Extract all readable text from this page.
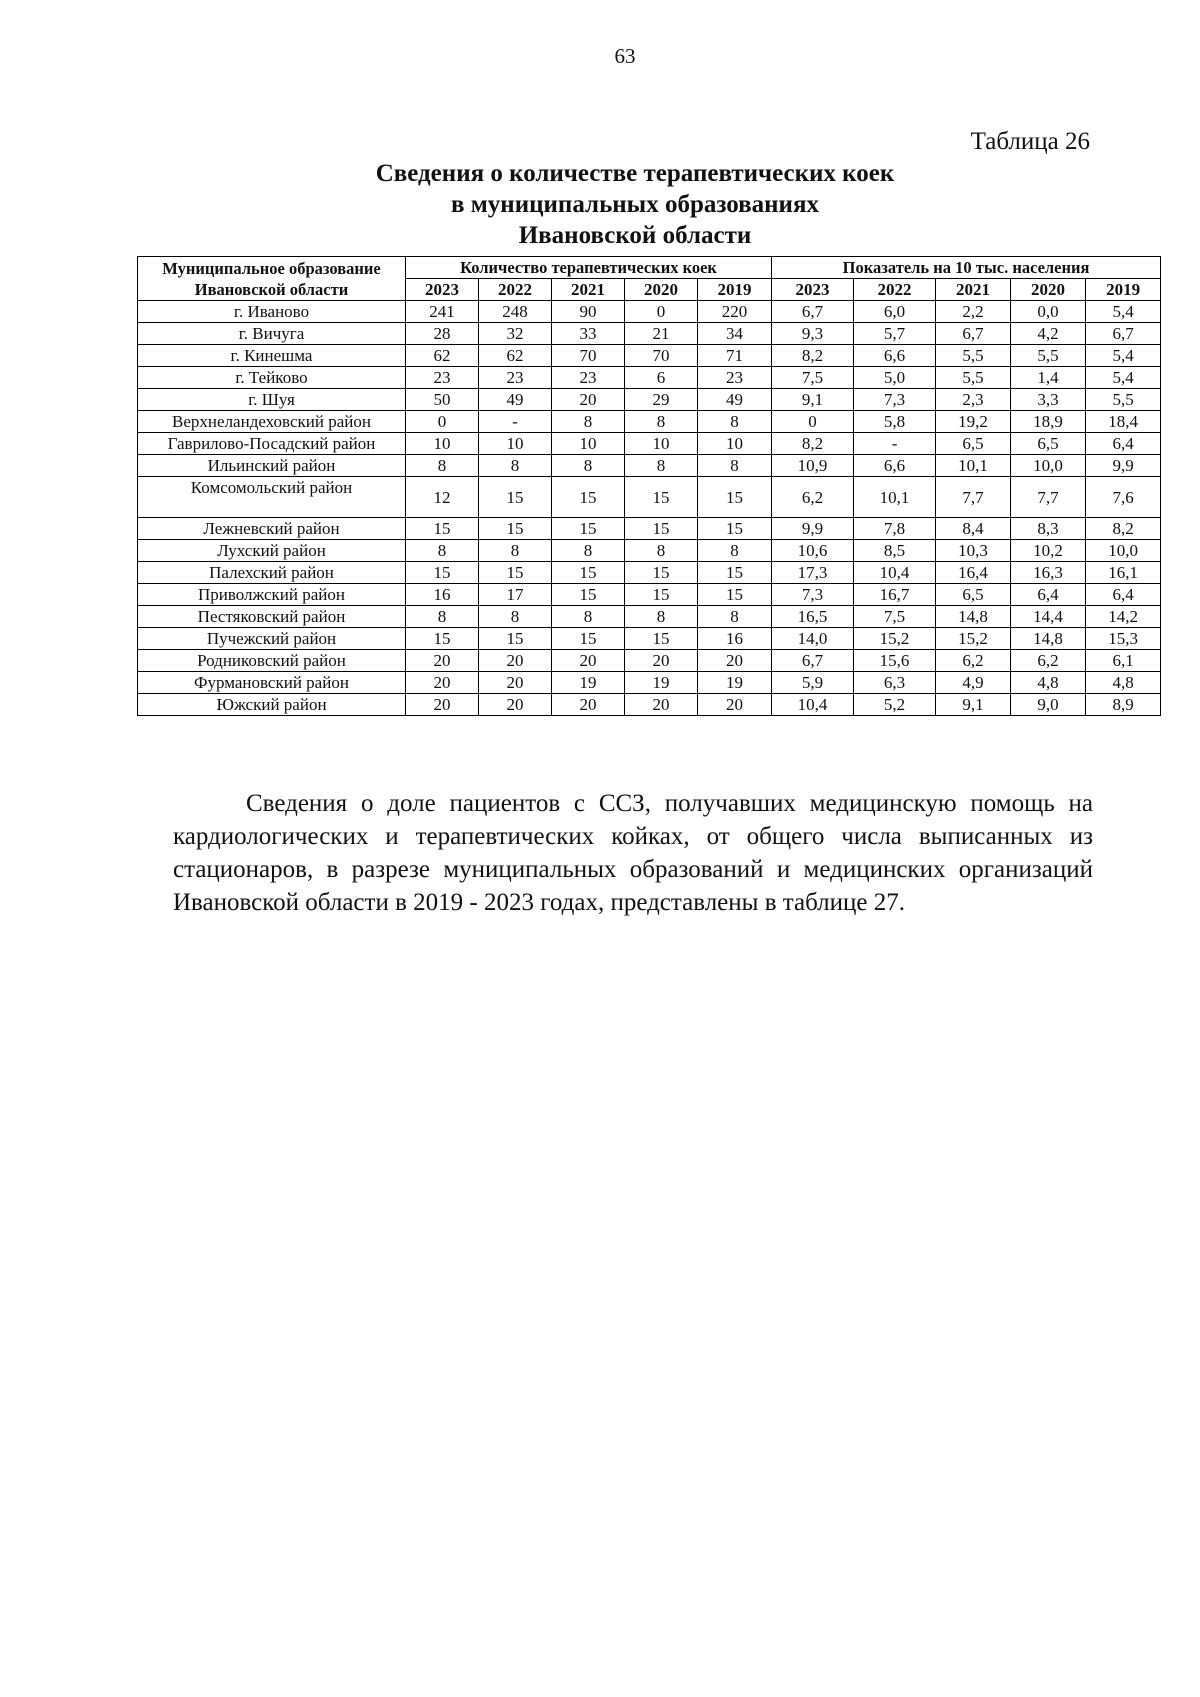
63
Таблица 26
Сведения о количестве терапевтических коек
в муниципальных образованиях
Ивановской области
Муниципальное образование Ивановской области	Количество терапевтических коек					Показатель на 10 тыс. населения				
	2023	2022	2021	2020	2019	2023	2022	2021	2020	2019
г. Иваново	241	248	90	0	220	6,7	6,0	2,2	0,0	5,4
г. Вичуга	28	32	33	21	34	9,3	5,7	6,7	4,2	6,7
г. Кинешма	62	62	70	70	71	8,2	6,6	5,5	5,5	5,4
г. Тейково	23	23	23	6	23	7,5	5,0	5,5	1,4	5,4
г. Шуя	50	49	20	29	49	9,1	7,3	2,3	3,3	5,5
Верхнеландеховский район	0	-	8	8	8	0	5,8	19,2	18,9	18,4
Гаврилово-Посадский район	10	10	10	10	10	8,2	-	6,5	6,5	6,4
Ильинский район	8	8	8	8	8	10,9	6,6	10,1	10,0	9,9
Комсомольский район	12	15	15	15	15	6,2	10,1	7,7	7,7	7,6
Лежневский район	15	15	15	15	15	9,9	7,8	8,4	8,3	8,2
Лухский район	8	8	8	8	8	10,6	8,5	10,3	10,2	10,0
Палехский район	15	15	15	15	15	17,3	10,4	16,4	16,3	16,1
Приволжский район	16	17	15	15	15	7,3	16,7	6,5	6,4	6,4
Пестяковский район	8	8	8	8	8	16,5	7,5	14,8	14,4	14,2
Пучежский район	15	15	15	15	16	14,0	15,2	15,2	14,8	15,3
Родниковский район	20	20	20	20	20	6,7	15,6	6,2	6,2	6,1
Фурмановский район	20	20	19	19	19	5,9	6,3	4,9	4,8	4,8
Южский район	20	20	20	20	20	10,4	5,2	9,1	9,0	8,9

Сведения о доле пациентов с ССЗ, получавших медицинскую помощь на кардиологических и терапевтических койках, от общего числа выписанных из стационаров, в разрезе муниципальных образований и медицинских организаций Ивановской области в 2019 - 2023 годах, представлены в таблице 27.
